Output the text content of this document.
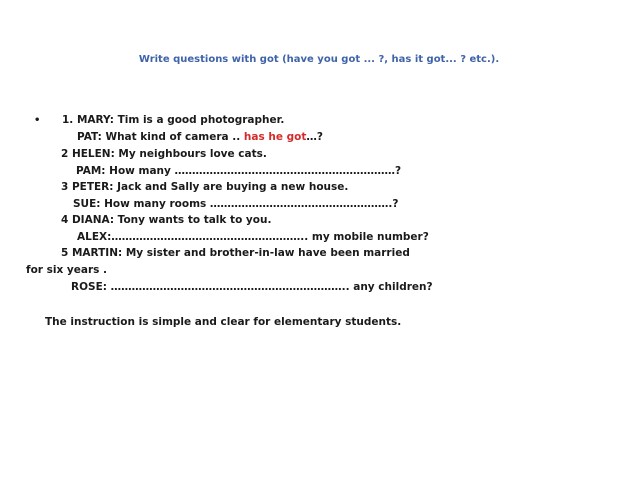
Write questions with got (have you got ... ?, has it got... ? etc.).
• 1. MARY: Tim is a good photographer.
PAT: What kind of camera .. has he got…?
2 HELEN: My neighbours love cats.
PAM: How many ………………………………………………………?
3 PETER: Jack and Sally are buying a new house.
SUE: How many rooms …………………………………………….?
4 DIANA: Tony wants to talk to you.
ALEX:……………………………………………….. my mobile number?
5 MARTIN: My sister and brother-in-law have been married
for six years .
ROSE: ………………………………………………………….. any children?
The instruction is simple and clear for elementary students.
